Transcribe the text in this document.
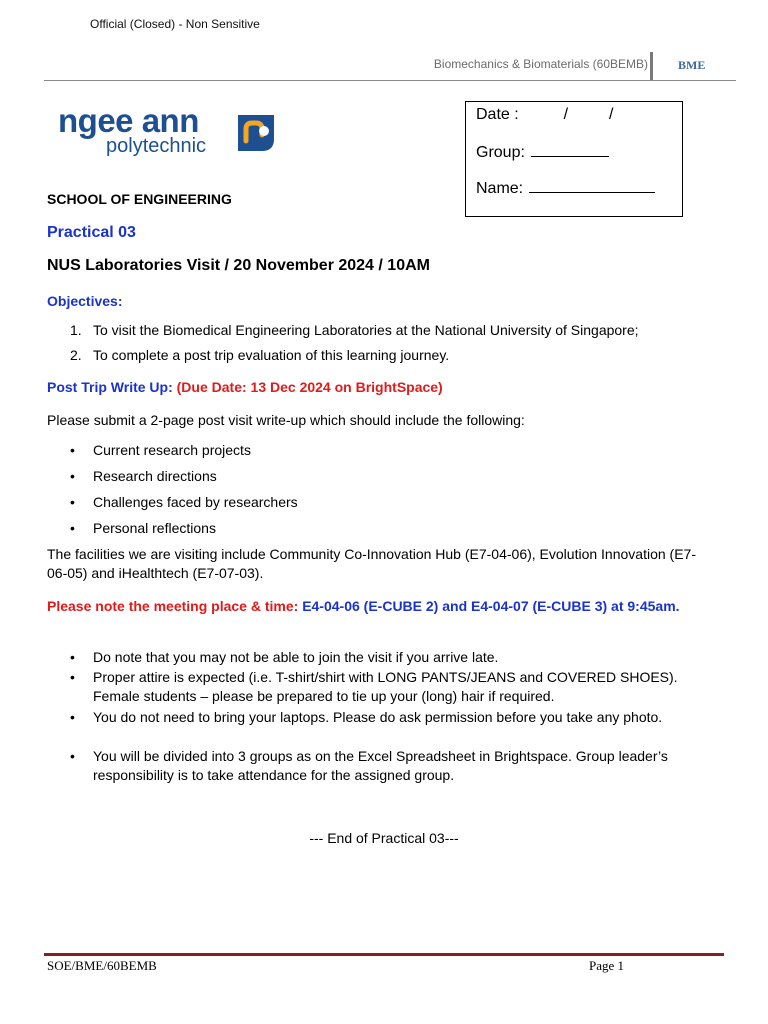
Official (Closed) - Non Sensitive
Biomechanics & Biomaterials (60BEMB)	BME
ngee ann
polytechnic
Date :	/	/
Group:
Name:
SCHOOL OF ENGINEERING
Practical 03
NUS Laboratories Visit / 20 November 2024 / 10AM
Objectives:
1. To visit the Biomedical Engineering Laboratories at the National University of Singapore;
2. To complete a post trip evaluation of this learning journey.
Post Trip Write Up: (Due Date: 13 Dec 2024 on BrightSpace)
Please submit a 2-page post visit write-up which should include the following:
• Current research projects
• Research directions
• Challenges faced by researchers
• Personal reflections
The facilities we are visiting include Community Co-Innovation Hub (E7-04-06), Evolution Innovation (E7-06-05) and iHealthtech (E7-07-03).
Please note the meeting place & time: E4-04-06 (E-CUBE 2) and E4-04-07 (E-CUBE 3) at 9:45am.
• Do note that you may not be able to join the visit if you arrive late.
• Proper attire is expected (i.e. T-shirt/shirt with LONG PANTS/JEANS and COVERED SHOES). Female students – please be prepared to tie up your (long) hair if required.
• You do not need to bring your laptops. Please do ask permission before you take any photo.
• You will be divided into 3 groups as on the Excel Spreadsheet in Brightspace. Group leader’s responsibility is to take attendance for the assigned group.
--- End of Practical 03---
SOE/BME/60BEMB	Page 1
